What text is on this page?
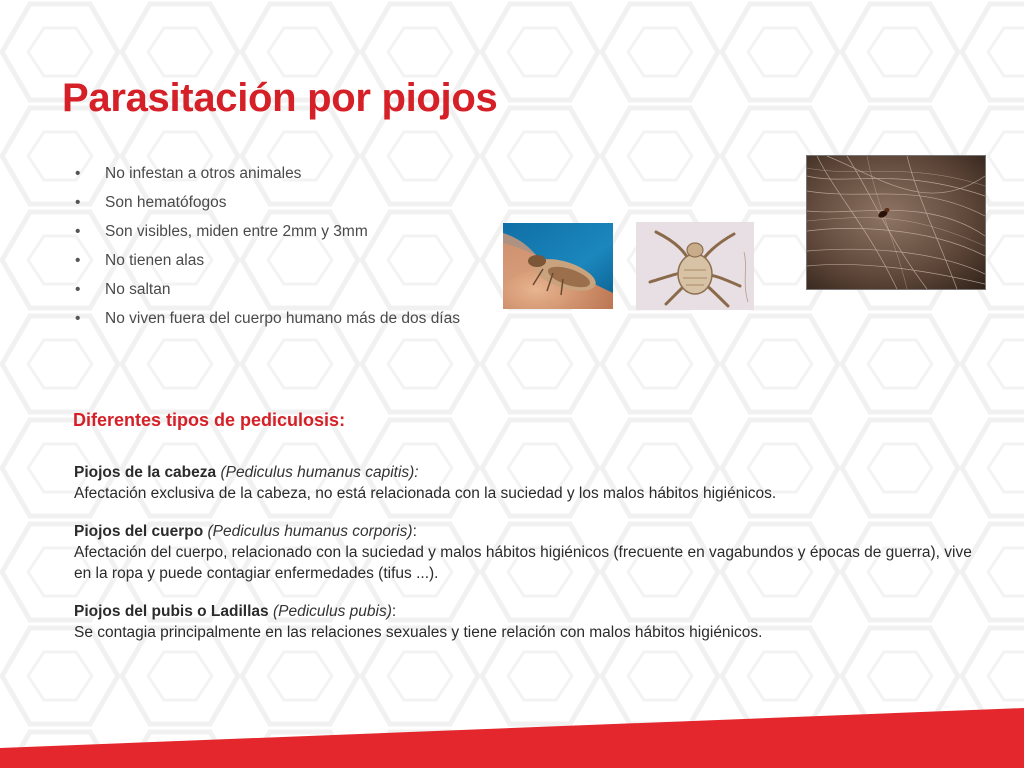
Parasitación por piojos
• No infestan a otros animales
• Son hematófogos
• Son visibles, miden entre 2mm y 3mm
• No tienen alas
• No saltan
• No viven fuera del cuerpo humano más de dos días
Diferentes tipos de pediculosis:

Piojos de la cabeza (Pediculus humanus capitis):
Afectación exclusiva de la cabeza, no está relacionada con la suciedad y los malos hábitos higiénicos.

Piojos del cuerpo (Pediculus humanus corporis):
Afectación del cuerpo, relacionado con la suciedad y malos hábitos higiénicos (frecuente en vagabundos y épocas de guerra), vive en la ropa y puede contagiar enfermedades (tifus ...).

Piojos del pubis o Ladillas (Pediculus pubis):
Se contagia principalmente en las relaciones sexuales y tiene relación con malos hábitos higiénicos.
